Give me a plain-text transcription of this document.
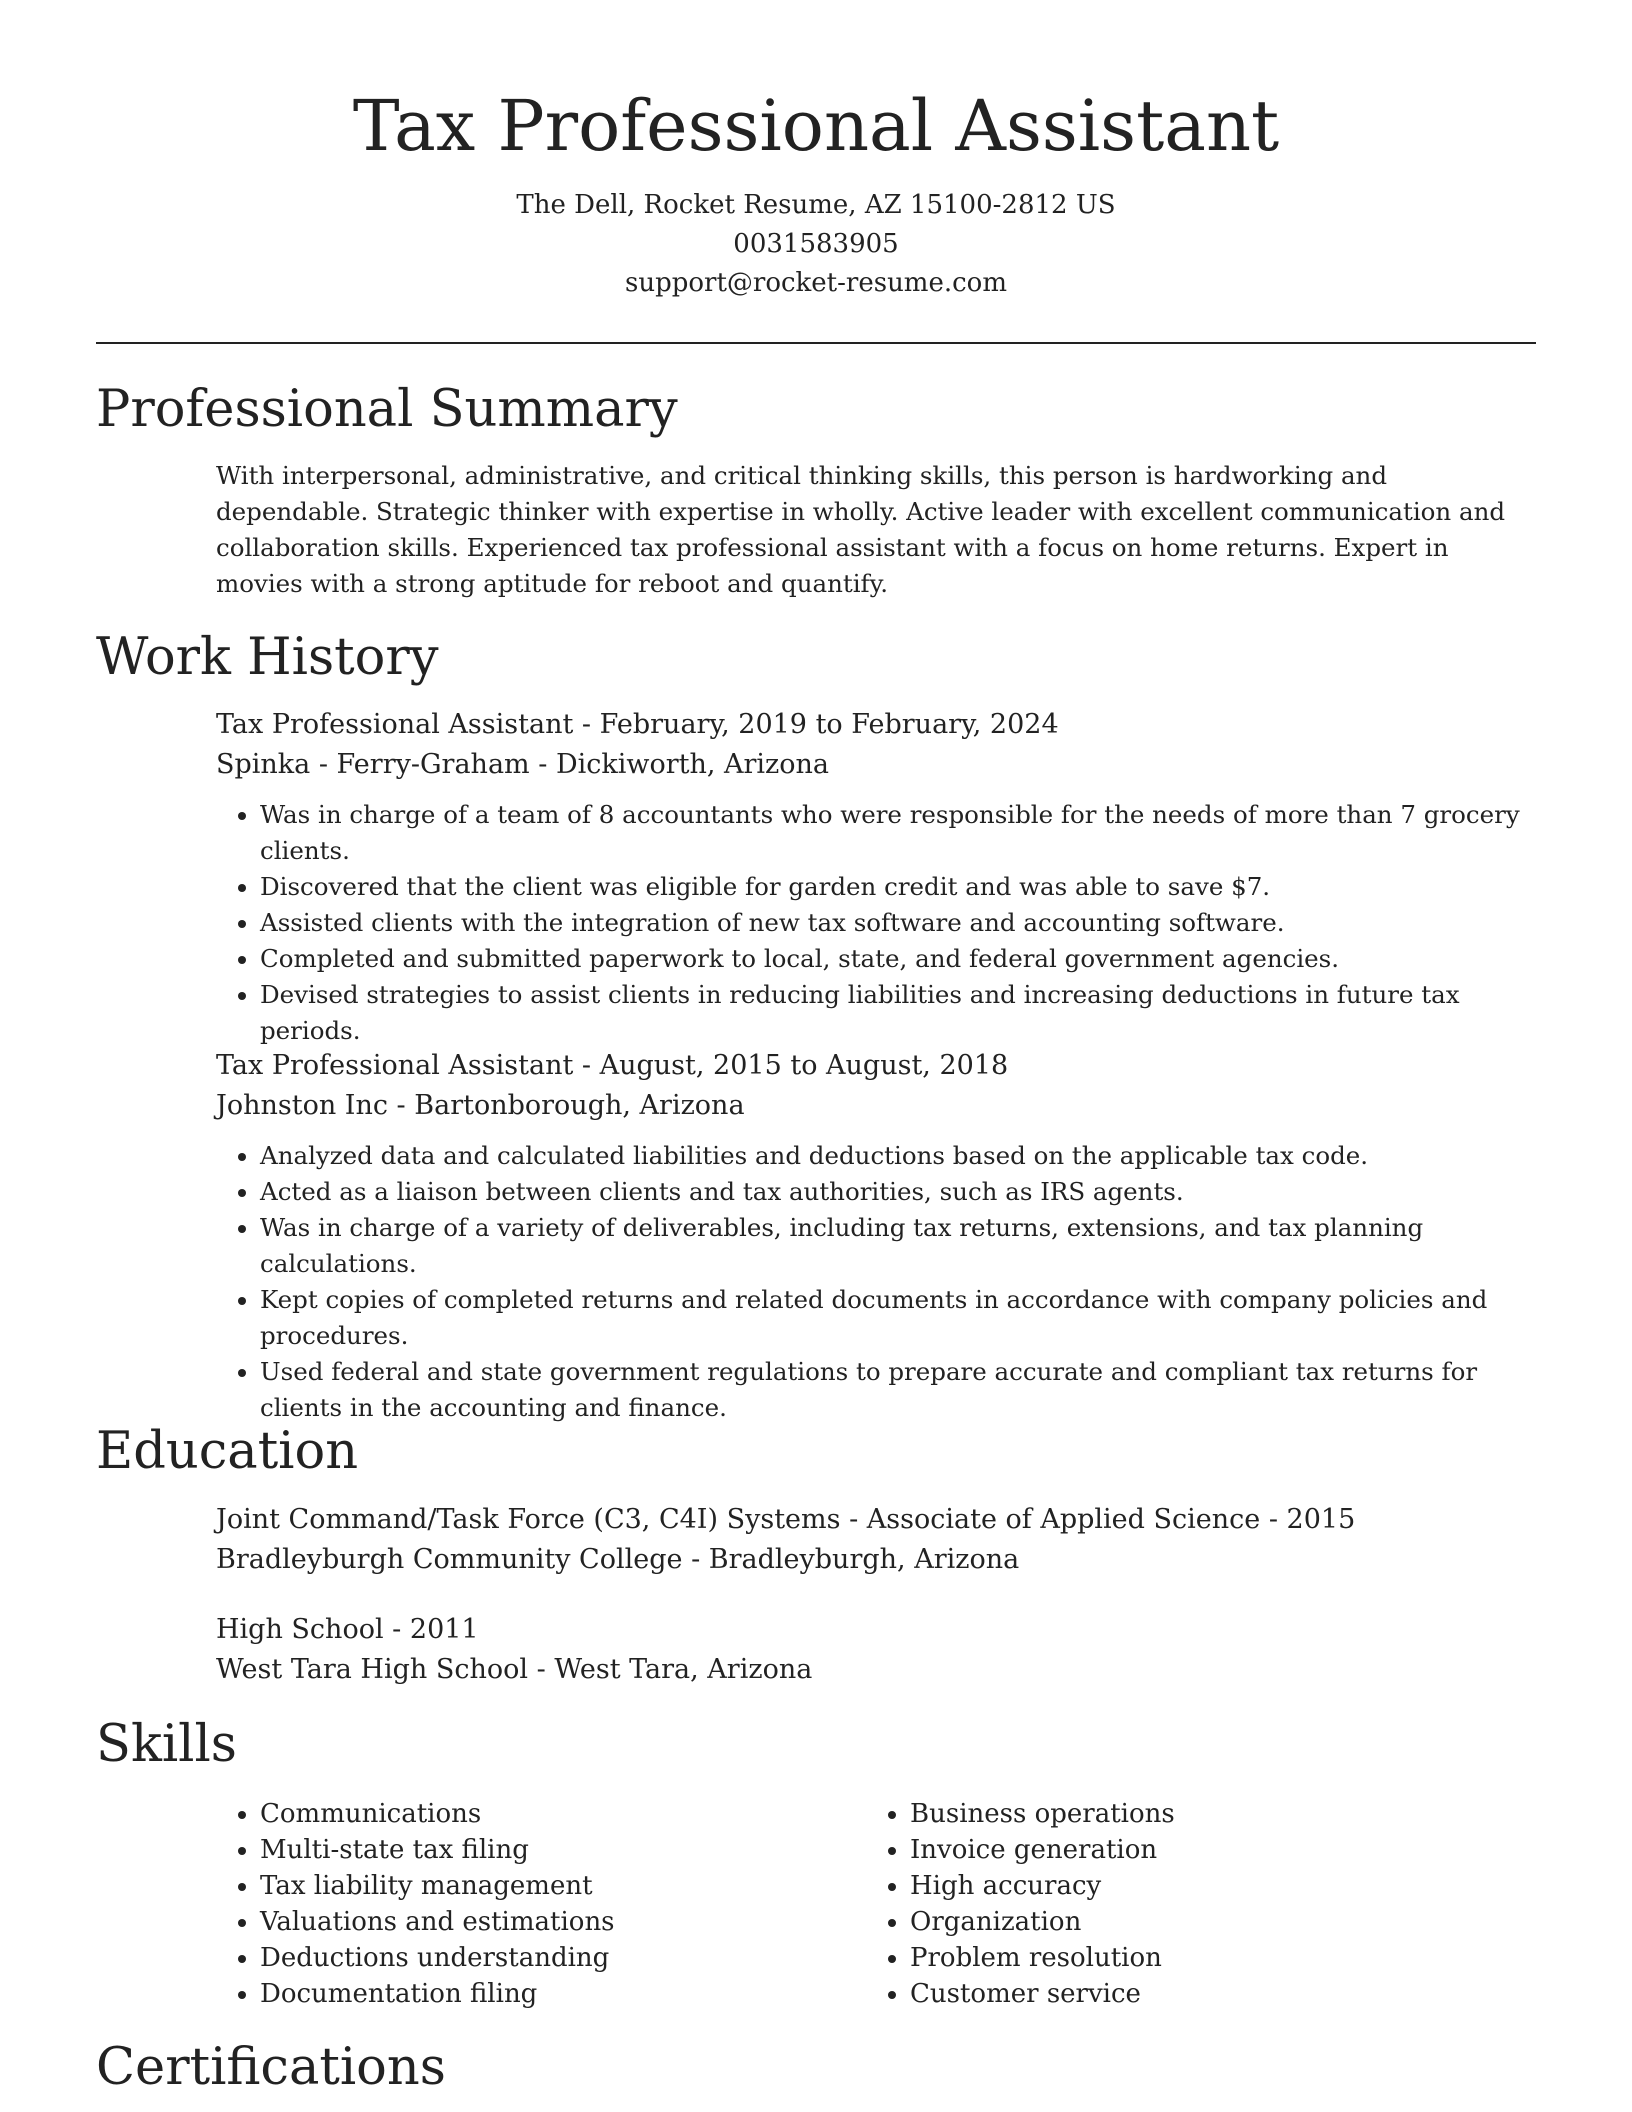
Tax Professional Assistant
The Dell, Rocket Resume, AZ 15100-2812 US
0031583905
support@rocket-resume.com
Professional Summary

With interpersonal, administrative, and critical thinking skills, this person is hardworking and dependable. Strategic thinker with expertise in wholly. Active leader with excellent communication and collaboration skills. Experienced tax professional assistant with a focus on home returns. Expert in movies with a strong aptitude for reboot and quantify.

Work History
Tax Professional Assistant - February, 2019 to February, 2024
Spinka - Ferry-Graham - Dickiworth, Arizona
• Was in charge of a team of 8 accountants who were responsible for the needs of more than 7 grocery clients.
• Discovered that the client was eligible for garden credit and was able to save $7.
• Assisted clients with the integration of new tax software and accounting software.
• Completed and submitted paperwork to local, state, and federal government agencies.
• Devised strategies to assist clients in reducing liabilities and increasing deductions in future tax periods.
Tax Professional Assistant - August, 2015 to August, 2018
Johnston Inc - Bartonborough, Arizona
• Analyzed data and calculated liabilities and deductions based on the applicable tax code.
• Acted as a liaison between clients and tax authorities, such as IRS agents.
• Was in charge of a variety of deliverables, including tax returns, extensions, and tax planning calculations.
• Kept copies of completed returns and related documents in accordance with company policies and procedures.
• Used federal and state government regulations to prepare accurate and compliant tax returns for clients in the accounting and finance.
Education
Joint Command/Task Force (C3, C4I) Systems - Associate of Applied Science - 2015
Bradleyburgh Community College - Bradleyburgh, Arizona
High School - 2011
West Tara High School - West Tara, Arizona
Skills
• Communications
• Multi-state tax filing
• Tax liability management
• Valuations and estimations
• Deductions understanding
• Documentation filing
• Business operations
• Invoice generation
• High accuracy
• Organization
• Problem resolution
• Customer service
Certifications
